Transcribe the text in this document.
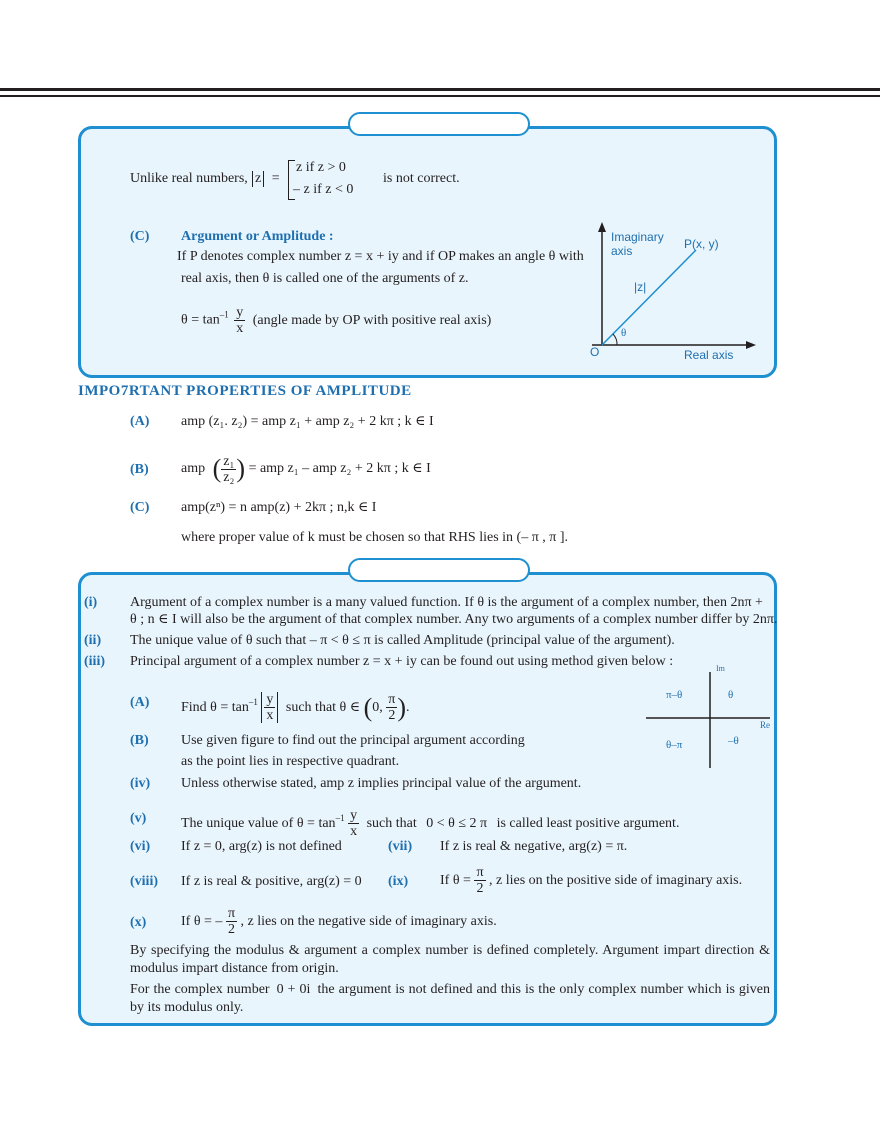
Unlike real numbers, z =
z if z > 0
– z if z < 0
is not correct.
(C) Argument or Amplitude :
If P denotes complex number z = x + iy and if OP makes an angle θ with
real axis, then θ is called one of the arguments of z.
$\theta = \tan^{-1} \frac{y}{x}$ (angle made by OP with positive real axis)
Imaginary
axis	P(x, y)
|z|
θ
O	Real axis
IMPO7RTANT PROPERTIES OF AMPLITUDE
(A) amp (z₁. z₂) = amp z₁ + amp z₂ + 2 kπ ; k ∈ I
(B) amp ( $\frac{\text{z₁}}{\text{z₂}}$ ) = amp z₁ – amp z₂ + 2 kπ ; k ∈ I
(C) amp(zⁿ) = n amp(z) + 2kπ ; n,k ∈ I
where proper value of k must be chosen so that RHS lies in (– π , π ].
(i) Argument of a complex number is a many valued function. If θ is the argument of a complex number, then 2nπ +
θ ; n ∈ I will also be the argument of that complex number. Any two arguments of a complex number differ by 2nπ.
(ii) The unique value of θ such that – π < θ ≤ π is called Amplitude (principal value of the argument).
(iii) Principal argument of a complex number z = x + iy can be found out using method given below :
(A) Find $\theta = \tan^{-1} \frac{y}{x}$ such that θ ∈ (0, $\frac{\pi}{2}$ ).
(B) Use given figure to find out the principal argument according
as the point lies in respective quadrant.
(iv) Unless otherwise stated, amp z implies principal value of the argument.
(v) The unique value of $\theta = \tan^{-1} \frac{y}{x}$ such that 0 < θ ≤ 2 π is called least positive argument.
(vi) If z = 0, arg(z) is not defined	(vii) If z is real & negative, arg(z) = π.
(viii) If z is real & positive, arg(z) = 0 (ix) If $\theta = \frac{\pi}{2}$ , z lies on the positive side of imaginary axis.
(x) If θ = – $\frac{\pi}{2}$ , z lies on the negative side of imaginary axis.
By specifying the modulus & argument a complex number is defined completely. Argument impart direction & modulus impart distance from origin.
For the complex number 0 + 0i the argument is not defined and this is the only complex number which is given by its modulus only.
Im
Re
π–θ	θ
θ–π	–θ
